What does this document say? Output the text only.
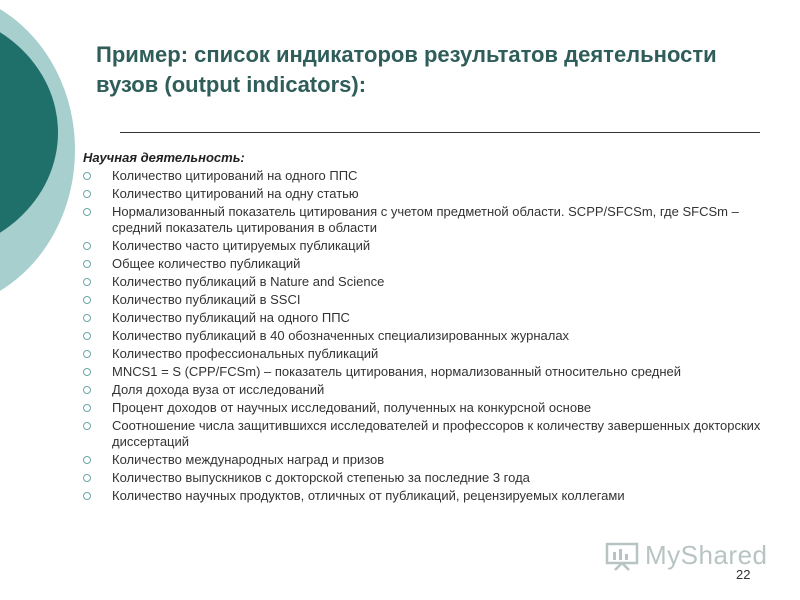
Пример: список индикаторов результатов деятельности вузов (output indicators):
Научная деятельность:
Количество цитирований на одного ППС
Количество цитирований на одну статью
Нормализованный показатель цитирования с учетом предметной области. SCPP/SFCSm, где SFCSm – средний показатель цитирования в области
Количество часто цитируемых публикаций
Общее количество публикаций
Количество публикаций в Nature and Science
Количество публикаций в SSCI
Количество публикаций на одного ППС
Количество публикаций в 40 обозначенных специализированных журналах
Количество профессиональных публикаций
MNCS1 = S (CPP/FCSm) – показатель цитирования, нормализованный относительно средней
Доля дохода вуза от исследований
Процент доходов от научных исследований, полученных на конкурсной основе
Соотношение числа защитившихся исследователей и профессоров к количеству завершенных докторских диссертаций
Количество международных наград и призов
Количество выпускников с докторской степенью за последние 3 года
Количество научных продуктов, отличных от публикаций, рецензируемых коллегами
MyShared
22
